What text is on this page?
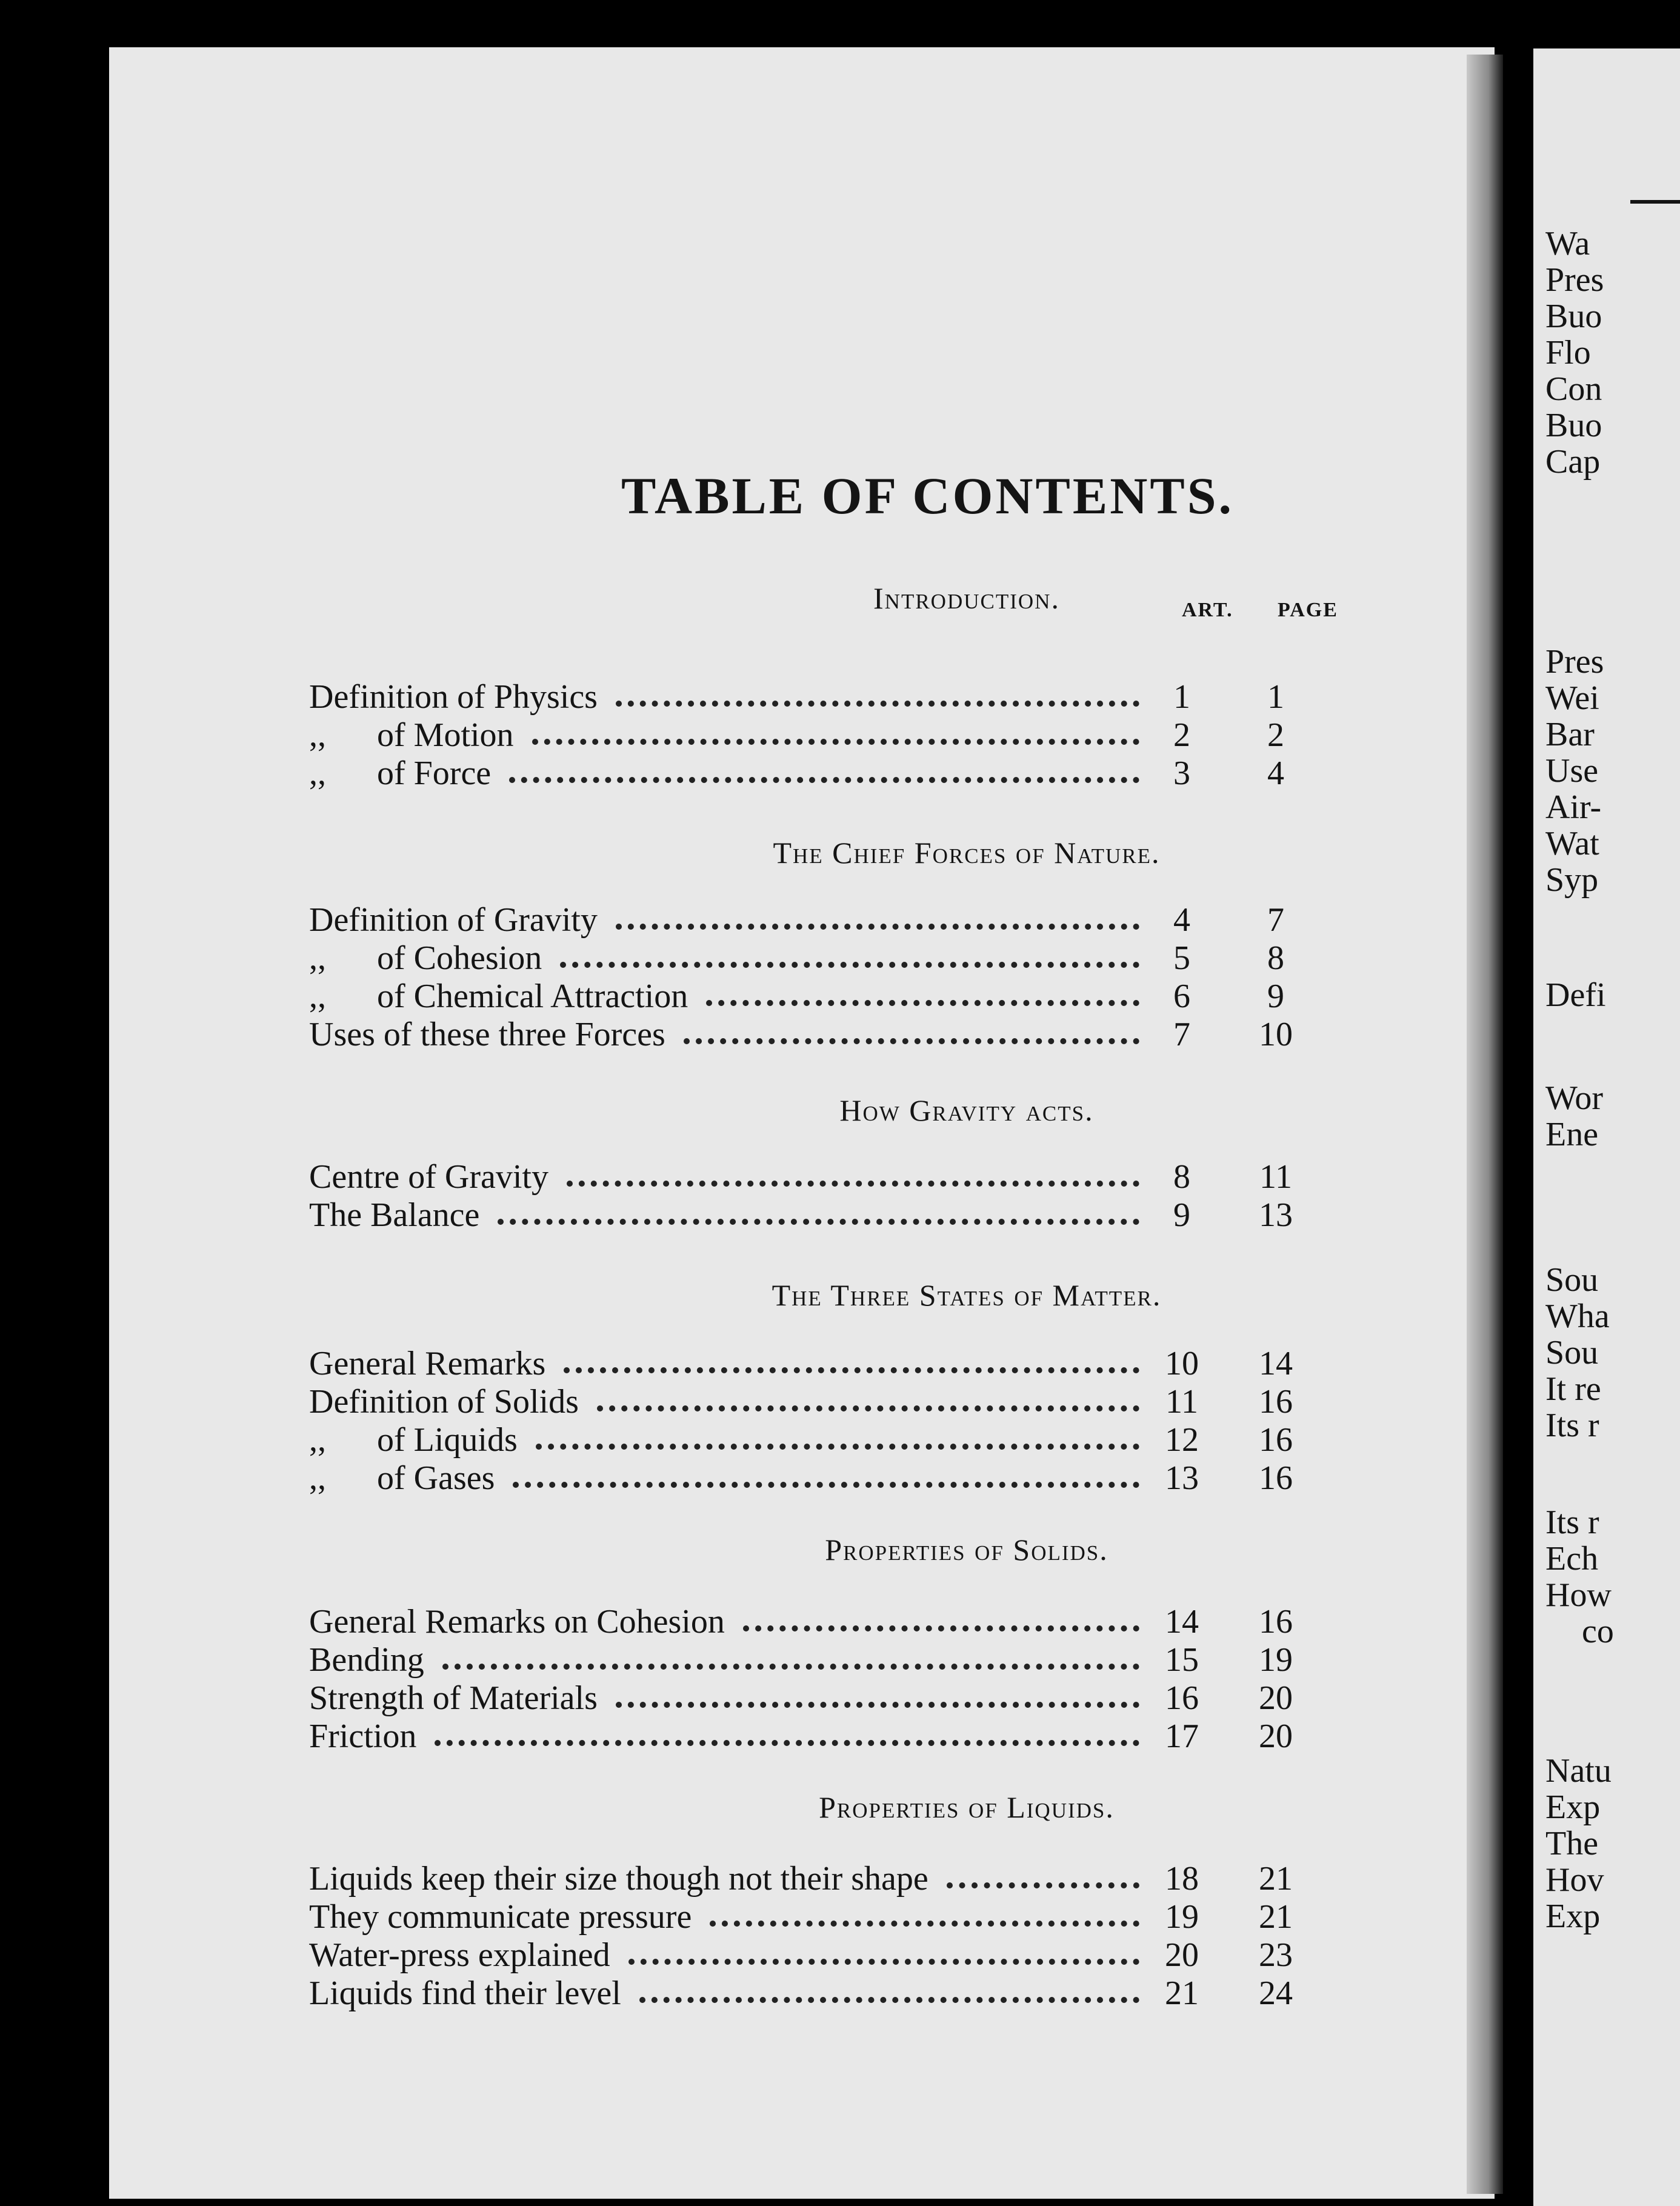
TABLE OF CONTENTS.
ART. PAGE
Introduction.
Definition of Physics	1	1
,,      of Motion	2	2
,,      of Force	3	4
The Chief Forces of Nature.
Definition of Gravity	4	7
,,      of Cohesion	5	8
,,      of Chemical Attraction	6	9
Uses of these three Forces	7	10
How Gravity acts.
Centre of Gravity	8	11
The Balance	9	13
The Three States of Matter.
General Remarks	10	14
Definition of Solids	11	16
,,      of Liquids	12	16
,,      of Gases	13	16
Properties of Solids.
General Remarks on Cohesion	14	16
Bending	15	19
Strength of Materials	16	20
Friction	17	20
Properties of Liquids.
Liquids keep their size though not their shape	18	21
They communicate pressure	19	21
Water-press explained	20	23
Liquids find their level	21	24
Wa
Pres
Buo
Flo
Con
Buo
Cap
Pres
Wei
Bar
Use
Air-
Wat
Syp
Defi
Wor
Ene
Sou
Wha
Sou
It re
Its r
Its r
Ech
How
co
Natu
Exp
The
Hov
Exp
